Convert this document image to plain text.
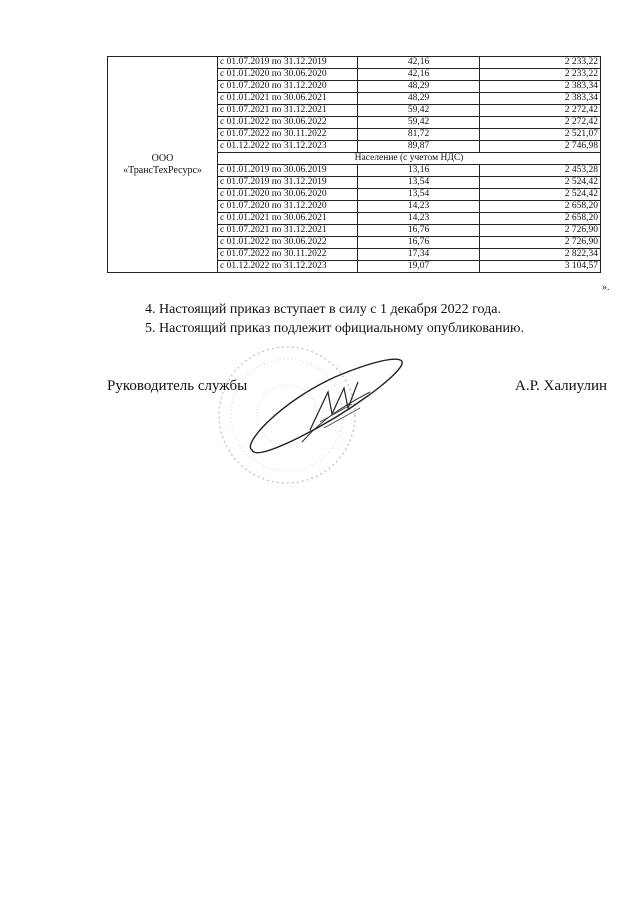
ООО
«ТрансТехРесурс»	с 01.07.2019 по 31.12.2019	42,16	2 233,22
	с 01.01.2020 по 30.06.2020	42,16	2 233,22
	с 01.07.2020 по 31.12.2020	48,29	2 383,34
	с 01.01.2021 по 30.06.2021	48,29	2 383,34
	с 01.07.2021 по 31.12.2021	59,42	2 272,42
	с 01.01.2022 по 30.06.2022	59,42	2 272,42
	с 01.07.2022 по 30.11.2022	81,72	2 521,07
	с 01.12.2022 по 31.12.2023	89,87	2 746,98
	Население (с учетом НДС)		
	с 01.01.2019 по 30.06.2019	13,16	2 453,28
	с 01.07.2019 по 31.12.2019	13,54	2 524,42
	с 01.01.2020 по 30.06.2020	13,54	2 524,42
	с 01.07.2020 по 31.12.2020	14,23	2 658,20
	с 01.01.2021 по 30.06.2021	14,23	2 658,20
	с 01.07.2021 по 31.12.2021	16,76	2 726,90
	с 01.01.2022 по 30.06.2022	16,76	2 726,90
	с 01.07.2022 по 30.11.2022	17,34	2 822,34
	с 01.12.2022 по 31.12.2023	19,07	3 104,57
».
4. Настоящий приказ вступает в силу с 1 декабря 2022 года.
5. Настоящий приказ подлежит официальному опубликованию.
Руководитель службы	А.Р. Халиулин
